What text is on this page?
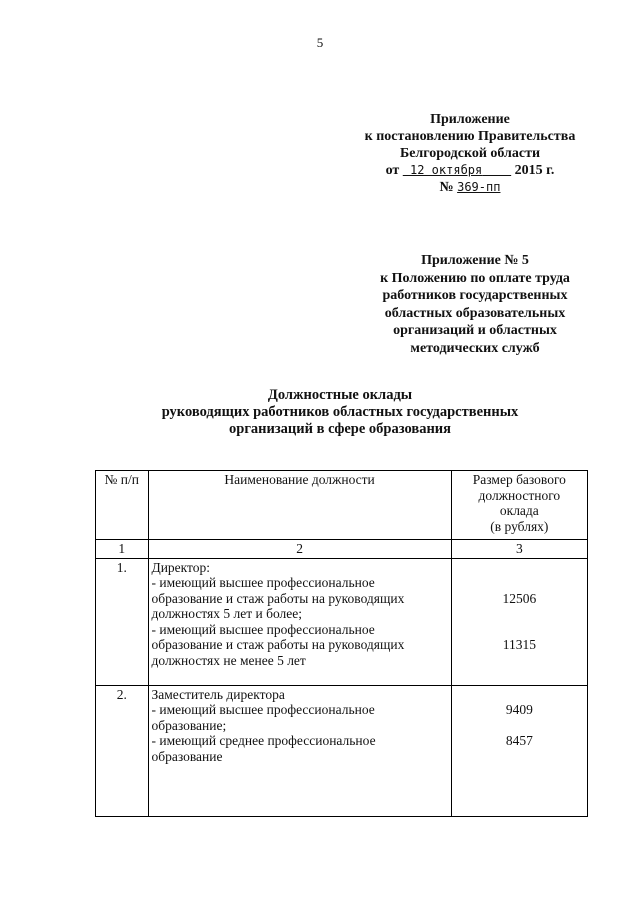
5
Приложение
к постановлению Правительства
Белгородской области
от 12 октября 2015 г.
№ 369-пп
Приложение № 5
к Положению по оплате труда
работников государственных
областных образовательных
организаций и областных
методических служб
Должностные оклады
руководящих работников областных государственных
организаций в сфере образования
№ п/п	Наименование должности	Размер базового
должностного
оклада
(в рублях)

1	2	3
1.	Директор:
- имеющий высшее профессиональное образование и стаж работы на руководящих должностях 5 лет и более;
- имеющий высшее профессиональное образование и стаж работы на руководящих должностях не менее 5 лет	12506
11315

2.	Заместитель директора
- имеющий высшее профессиональное образование;
- имеющий среднее профессиональное образование	9409
8457
